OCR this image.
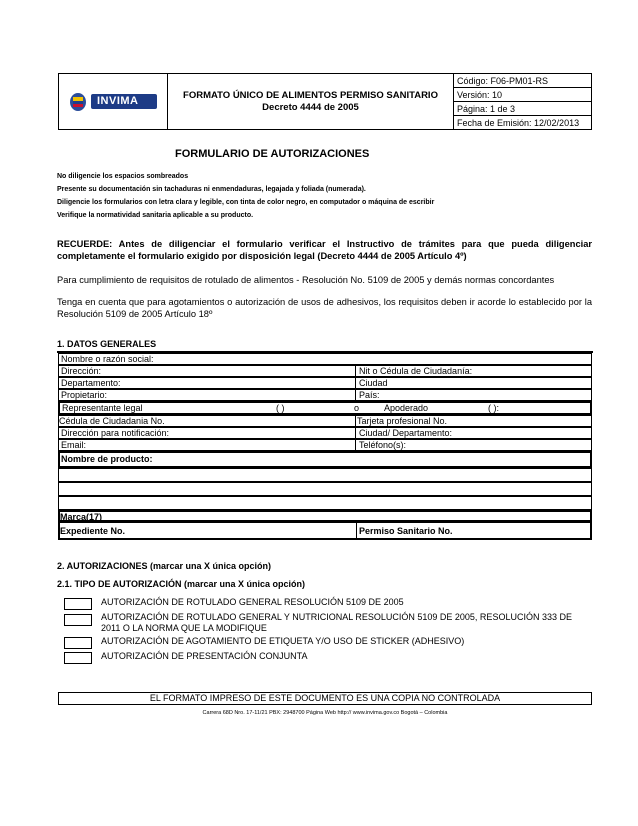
INVIMA	FORMATO ÚNICO DE ALIMENTOS PERMISO SANITARIO
Decreto 4444 de 2005
	Código: F06-PM01-RS
Versión: 10
Página: 1 de 3
Fecha de Emisión: 12/02/2013
FORMULARIO DE AUTORIZACIONES
No diligencie los espacios sombreados
Presente su documentación sin tachaduras ni enmendaduras, legajada y foliada (numerada).
Diligencie los formularios con letra clara y legible, con tinta de color negro, en computador o máquina de escribir
Verifique la normatividad sanitaria aplicable a su producto.
RECUERDE: Antes de diligenciar el formulario verificar el Instructivo de trámites para que pueda diligenciar completamente el formulario exigido por disposición legal (Decreto 4444 de 2005 Artículo 4º)
Para cumplimiento de requisitos de rotulado de alimentos - Resolución No. 5109 de 2005 y demás normas concordantes
Tenga en cuenta que para agotamientos o autorización de usos de adhesivos, los requisitos deben ir acorde lo establecido por la Resolución 5109 de 2005 Artículo 18º
1. DATOS GENERALES
Nombre o razón social:
Dirección:	Nit o Cédula de Ciudadanía:
Departamento:	Ciudad
Propietario:	País:
Representante legal	( )	o	Apoderado	( ):
Cédula de Ciudadania No.	Tarjeta profesional No.
Dirección para notificación:	Ciudad/ Departamento:
Email:	Teléfono(s):
Nombre de producto:
Marca(17)
Expediente No.	Permiso Sanitario No.
2. AUTORIZACIONES (marcar una X única opción)
2.1. TIPO DE AUTORIZACIÓN (marcar una X única opción)
AUTORIZACIÓN DE ROTULADO GENERAL RESOLUCIÓN 5109 DE 2005
AUTORIZACIÓN DE ROTULADO GENERAL Y NUTRICIONAL RESOLUCIÓN 5109 DE 2005, RESOLUCIÓN 333 DE
2011 O LA NORMA QUE LA MODIFIQUE
AUTORIZACIÓN DE AGOTAMIENTO DE ETIQUETA Y/O USO DE STICKER (ADHESIVO)
AUTORIZACIÓN DE PRESENTACIÓN CONJUNTA
EL FORMATO IMPRESO DE ESTE DOCUMENTO ES UNA COPIA NO CONTROLADA
Carrera 68D Nro. 17-11/21 PBX: 2948700 Página Web http:// www.invima.gov.co Bogotá – Colombia
